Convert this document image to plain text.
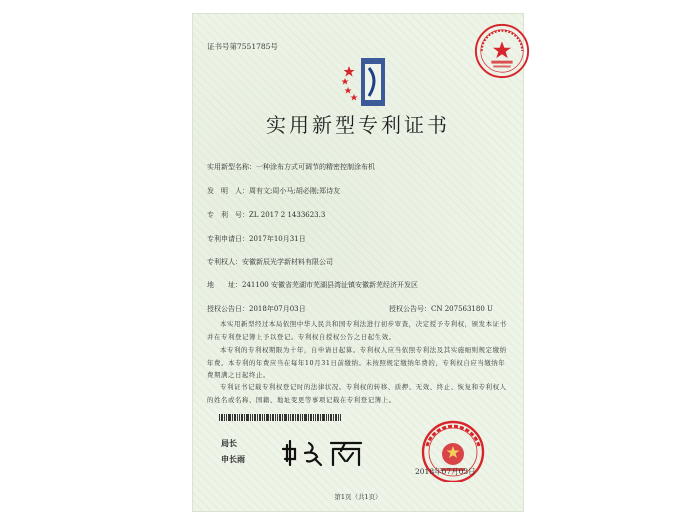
证书号第7551785号
实用新型专利证书
实用新型名称：一种涂布方式可调节的精密控制涂布机
发　明　人：周有文;周小马;胡必刚;郑诗友
专　利　号：ZL 2017 2 1433623.3
专利申请日：2017年10月31日
专利权人：安徽新辰光学新材料有限公司
地　　址：241100 安徽省芜湖市芜湖县湾沚镇安徽新芜经济开发区
授权公告日：2018年07月03日	授权公告号：CN 207563180 U
本实用新型经过本局依照中华人民共和国专利法进行初步审查，决定授予专利权，颁发本证书并在专利登记簿上予以登记。专利权自授权公告之日起生效。
本专利的专利权期限为十年，自申请日起算。专利权人应当依照专利法及其实施细则规定缴纳年费。本专利的年费应当在每年10月31日前缴纳。未按照规定缴纳年费的，专利权自应当缴纳年费期满之日起终止。
专利证书记载专利权登记时的法律状况。专利权的转移、质押、无效、终止、恢复和专利权人的姓名或名称、国籍、地址变更等事项记载在专利登记簿上。
局长
申长雨
2018年07月03日
第1页（共1页）
